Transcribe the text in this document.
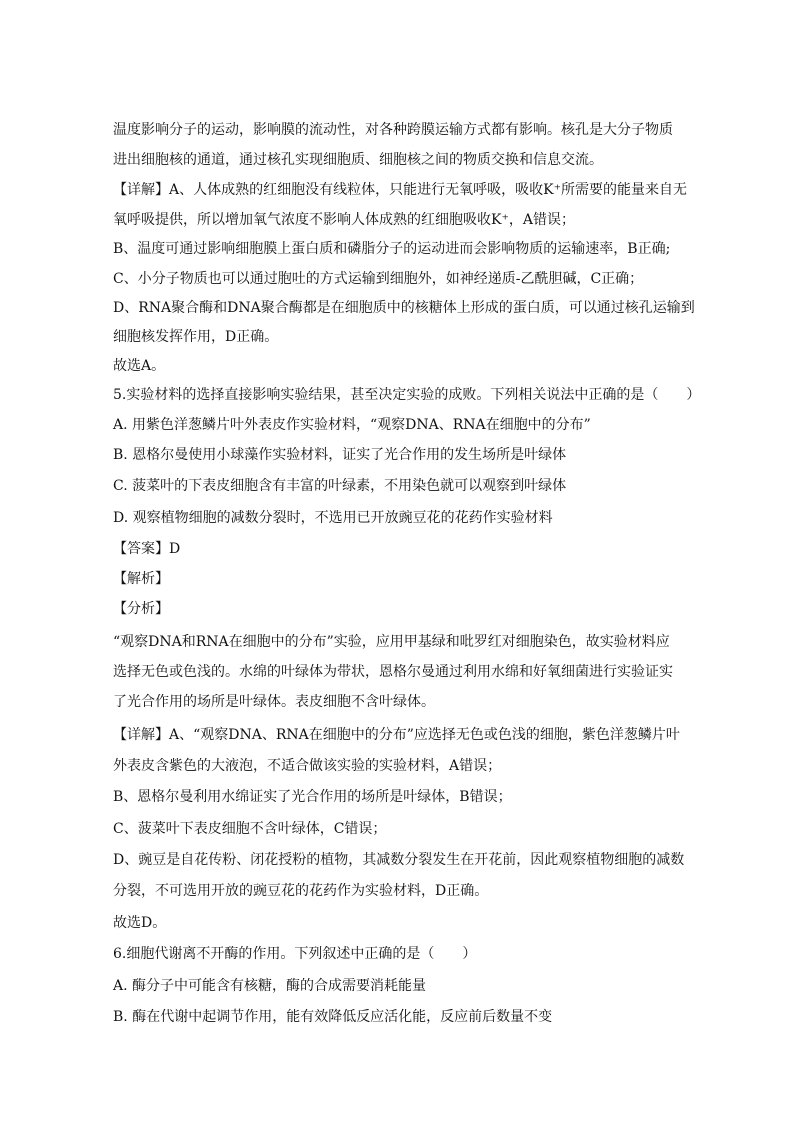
温度影响分子的运动，影响膜的流动性，对各种跨膜运输方式都有影响。核孔是大分子物质
进出细胞核的通道，通过核孔实现细胞质、细胞核之间的物质交换和信息交流。
【详解】A、人体成熟的红细胞没有线粒体，只能进行无氧呼吸，吸收K⁺所需要的能量来自无
氧呼吸提供，所以增加氧气浓度不影响人体成熟的红细胞吸收K⁺，A错误；
B、温度可通过影响细胞膜上蛋白质和磷脂分子的运动进而会影响物质的运输速率，B正确;
C、小分子物质也可以通过胞吐的方式运输到细胞外，如神经递质-乙酰胆碱，C正确；
D、RNA聚合酶和DNA聚合酶都是在细胞质中的核糖体上形成的蛋白质，可以通过核孔运输到
细胞核发挥作用，D正确。
故选A。
5.实验材料的选择直接影响实验结果，甚至决定实验的成败。下列相关说法中正确的是（　　）
A. 用紫色洋葱鳞片叶外表皮作实验材料，“观察DNA、RNA在细胞中的分布”
B. 恩格尔曼使用小球藻作实验材料，证实了光合作用的发生场所是叶绿体
C. 菠菜叶的下表皮细胞含有丰富的叶绿素，不用染色就可以观察到叶绿体
D. 观察植物细胞的减数分裂时，不选用已开放豌豆花的花药作实验材料
【答案】D
【解析】
【分析】
“观察DNA和RNA在细胞中的分布”实验，应用甲基绿和吡罗红对细胞染色，故实验材料应
选择无色或色浅的。水绵的叶绿体为带状，恩格尔曼通过利用水绵和好氧细菌进行实验证实
了光合作用的场所是叶绿体。表皮细胞不含叶绿体。
【详解】A、“观察DNA、RNA在细胞中的分布”应选择无色或色浅的细胞，紫色洋葱鳞片叶
外表皮含紫色的大液泡，不适合做该实验的实验材料，A错误；
B、恩格尔曼利用水绵证实了光合作用的场所是叶绿体，B错误；
C、菠菜叶下表皮细胞不含叶绿体，C错误；
D、豌豆是自花传粉、闭花授粉的植物，其减数分裂发生在开花前，因此观察植物细胞的减数
分裂，不可选用开放的豌豆花的花药作为实验材料，D正确。
故选D。
6.细胞代谢离不开酶的作用。下列叙述中正确的是（　　）
A. 酶分子中可能含有核糖，酶的合成需要消耗能量
B. 酶在代谢中起调节作用，能有效降低反应活化能，反应前后数量不变
